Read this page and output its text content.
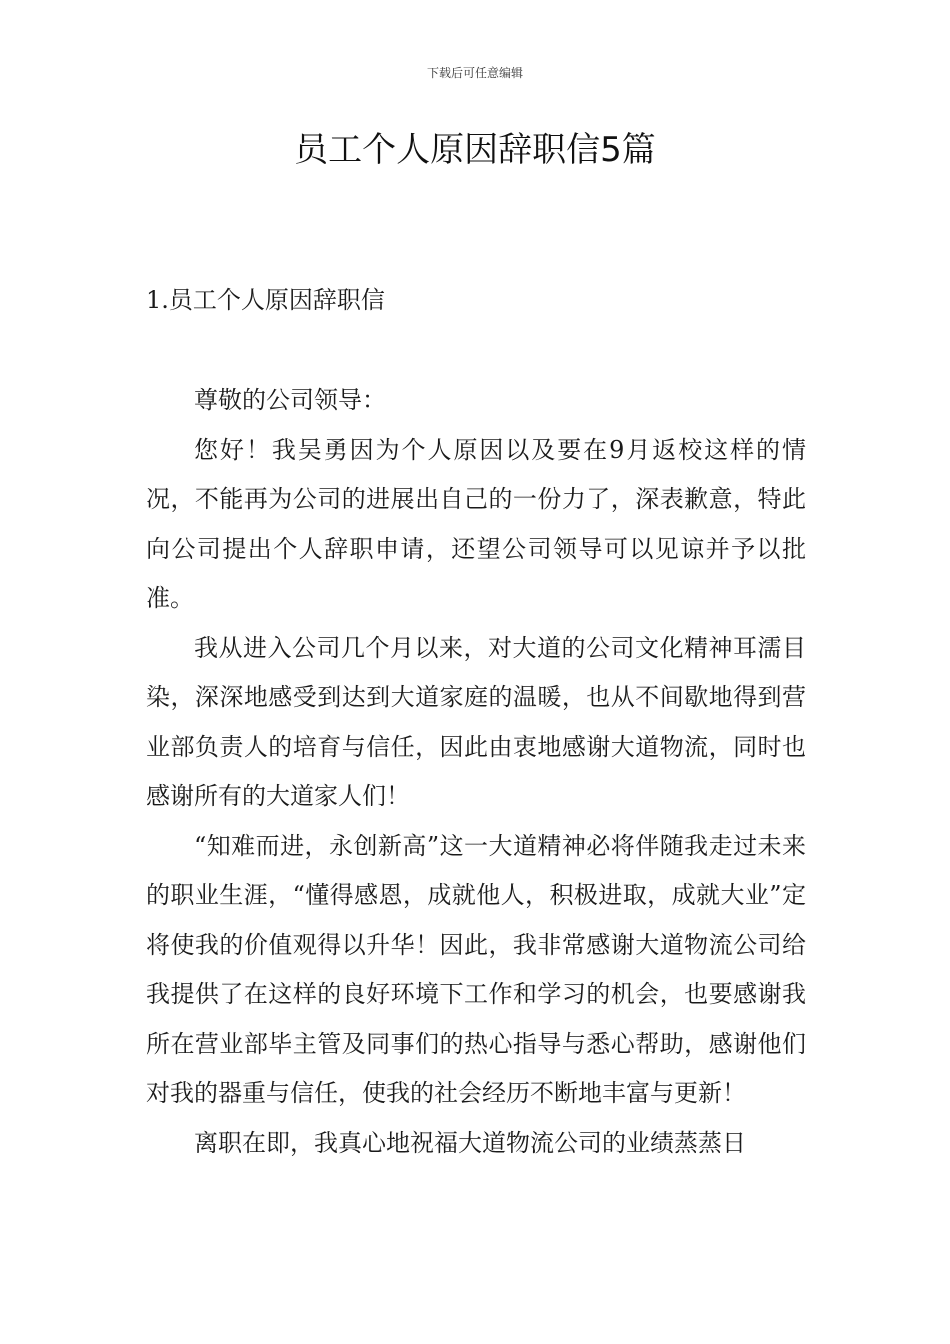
下载后可任意编辑
员工个人原因辞职信5篇
1.员工个人原因辞职信

尊敬的公司领导：

您好！我吴勇因为个人原因以及要在9月返校这样的情况，不能再为公司的进展出自己的一份力了，深表歉意，特此向公司提出个人辞职申请，还望公司领导可以见谅并予以批准。

我从进入公司几个月以来，对大道的公司文化精神耳濡目染，深深地感受到达到大道家庭的温暖，也从不间歇地得到营业部负责人的培育与信任，因此由衷地感谢大道物流，同时也感谢所有的大道家人们！

“知难而进，永创新高”这一大道精神必将伴随我走过未来的职业生涯，“懂得感恩，成就他人，积极进取，成就大业”定将使我的价值观得以升华！因此，我非常感谢大道物流公司给我提供了在这样的良好环境下工作和学习的机会，也要感谢我所在营业部毕主管及同事们的热心指导与悉心帮助，感谢他们对我的器重与信任，使我的社会经历不断地丰富与更新！

离职在即，我真心地祝福大道物流公司的业绩蒸蒸日
